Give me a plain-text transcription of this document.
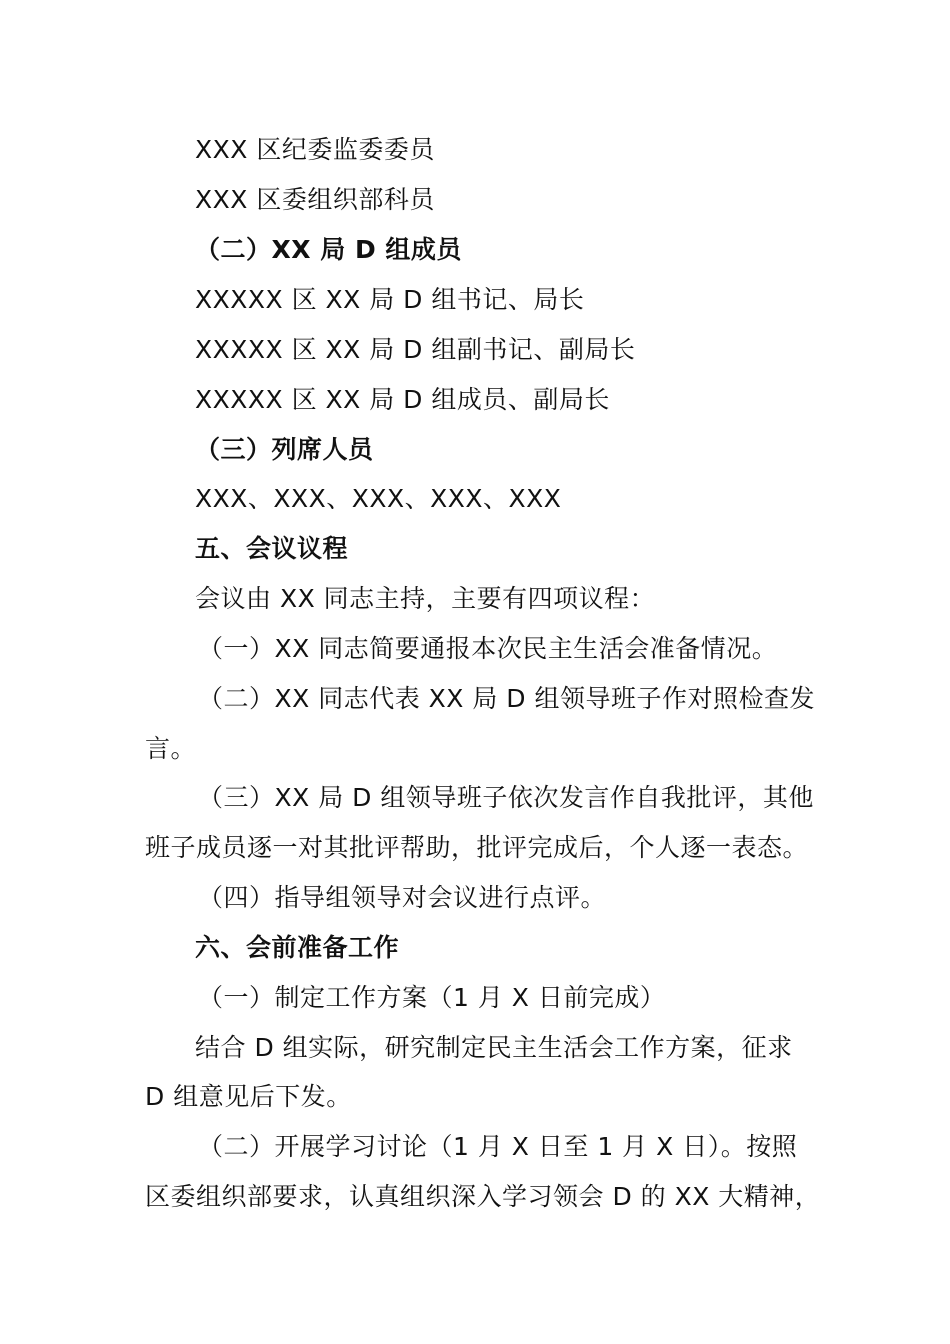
XXX 区纪委监委委员
XXX 区委组织部科员
（二）XX 局 D 组成员
XXXXX 区 XX 局 D 组书记、局长
XXXXX 区 XX 局 D 组副书记、副局长
XXXXX 区 XX 局 D 组成员、副局长
（三）列席人员
XXX、XXX、XXX、XXX、XXX
五、会议议程
会议由 XX 同志主持，主要有四项议程：
（一）XX 同志简要通报本次民主生活会准备情况。
（二）XX 同志代表 XX 局 D 组领导班子作对照检查发
言。
（三）XX 局 D 组领导班子依次发言作自我批评，其他
班子成员逐一对其批评帮助，批评完成后，个人逐一表态。
（四）指导组领导对会议进行点评。
六、会前准备工作
（一）制定工作方案（1 月 X 日前完成）
结合 D 组实际，研究制定民主生活会工作方案，征求
D 组意见后下发。
（二）开展学习讨论（1 月 X 日至 1 月 X 日）。按照
区委组织部要求，认真组织深入学习领会 D 的 XX 大精神，
